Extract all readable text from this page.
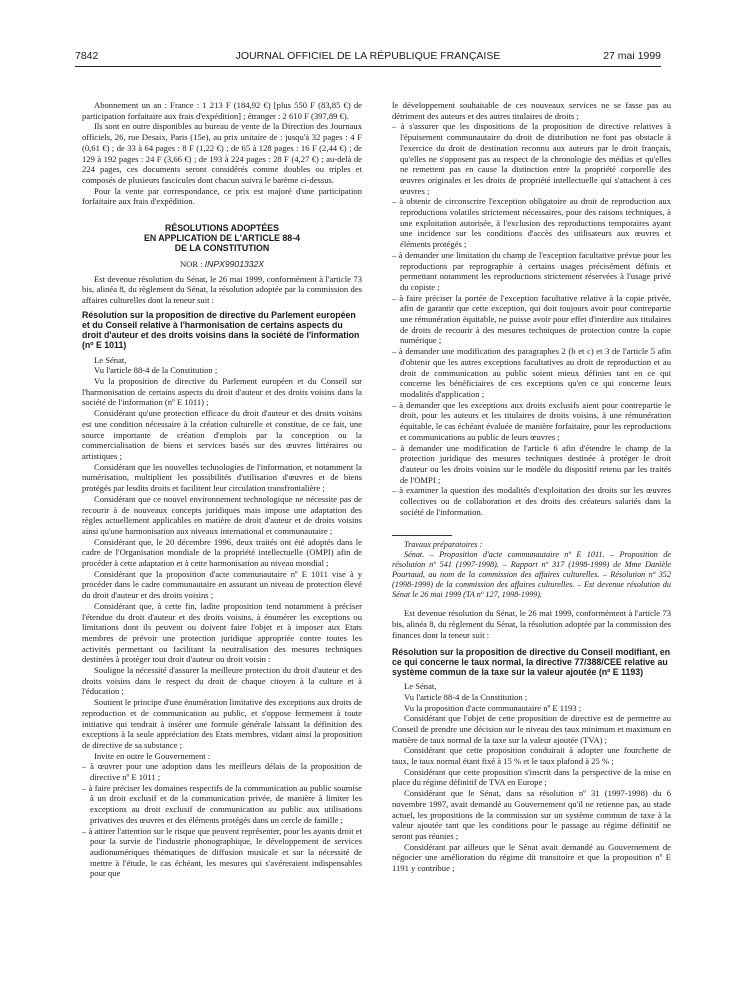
7842	JOURNAL OFFICIEL DE LA RÉPUBLIQUE FRANÇAISE	27 mai 1999

Abonnement un an : France : 1 213 F (184,92 €) [plus 550 F (83,85 €) de participation forfaitaire aux frais d'expédition] ; étranger : 2 610 F (397,89 €).

Ils sont en outre disponibles au bureau de vente de la Direction des Journaux officiels, 26, rue Desaix, Paris (15e), au prix unitaire de : jusqu'à 32 pages : 4 F (0,61 €) ; de 33 à 64 pages : 8 F (1,22 €) ; de 65 à 128 pages : 16 F (2,44 €) ; de 129 à 192 pages : 24 F (3,66 €) ; de 193 à 224 pages : 28 F (4,27 €) ; au-delà de 224 pages, ces documents seront considérés comme doubles ou triples et composés de plusieurs fascicules dont chacun suivra le barème ci-dessus.

Pour la vente par correspondance, ce prix est majoré d'une participation forfaitaire aux frais d'expédition.

RÉSOLUTIONS ADOPTÉES
EN APPLICATION DE L'ARTICLE 88-4
DE LA CONSTITUTION
NOR : INPX9901332X

Est devenue résolution du Sénat, le 26 mai 1999, conformément à l'article 73 bis, alinéa 8, du règlement du Sénat, la résolution adoptée par la commission des affaires culturelles dont la teneur suit :

Résolution sur la proposition de directive du Parlement européen et du Conseil relative à l'harmonisation de certains aspects du droit d'auteur et des droits voisins dans la société de l'information (nº E 1011)

Le Sénat,

Vu l'article 88-4 de la Constitution ;

Vu la proposition de directive du Parlement européen et du Conseil sur l'harmonisation de certains aspects du droit d'auteur et des droits voisins dans la société de l'information (nº E 1011) ;

Considérant qu'une protection efficace du droit d'auteur et des droits voisins est une condition nécessaire à la création culturelle et constitue, de ce fait, une source importante de création d'emplois par la conception ou la commercialisation de biens et services basés sur des œuvres littéraires ou artistiques ;

Considérant que les nouvelles technologies de l'information, et notamment la numérisation, multiplient les possibilités d'utilisation d'œuvres et de biens protégés par lesdits droits et facilitent leur circulation transfrontalière ;

Considérant que ce nouvel environnement technologique ne nécessite pas de recourir à de nouveaux concepts juridiques mais impose une adaptation des règles actuellement applicables en matière de droit d'auteur et de droits voisins ainsi qu'une harmonisation aux niveaux international et communautaire ;

Considérant que, le 20 décembre 1996, deux traités ont été adoptés dans le cadre de l'Organisation mondiale de la propriété intellectuelle (OMPI) afin de procéder à cette adaptation et à cette harmonisation au niveau mondial ;

Considérant que la proposition d'acte communautaire nº E 1011 vise à y procéder dans le cadre communautaire en assurant un niveau de protection élevé du droit d'auteur et des droits voisins ;

Considérant que, à cette fin, ladite proposition tend notamment à préciser l'étendue du droit d'auteur et des droits voisins, à énumérer les exceptions ou limitations dont ils peuvent ou doivent faire l'objet et à imposer aux Etats membres de prévoir une protection juridique appropriée contre toutes les activités permettant ou facilitant la neutralisation des mesures techniques destinées à protéger tout droit d'auteur ou droit voisin :

Souligne la nécessité d'assurer la meilleure protection du droit d'auteur et des droits voisins dans le respect du droit de chaque citoyen à la culture et à l'éducation ;

Soutient le principe d'une énumération limitative des exceptions aux droits de reproduction et de communication au public, et s'oppose fermement à toute initiative qui tendrait à insérer une formule générale laissant la définition des exceptions à la seule appréciation des Etats membres, vidant ainsi la proposition de directive de sa substance ;

Invite en outre le Gouvernement :

– à œuvrer pour une adoption dans les meilleurs délais de la proposition de directive nº E 1011 ;

– à faire préciser les domaines respectifs de la communication au public soumise à un droit exclusif et de la communication privée, de manière à limiter les exceptions au droit exclusif de communication au public aux utilisations privatives des œuvres et des éléments protégés dans un cercle de famille ;

– à attirer l'attention sur le risque que peuvent représenter, pour les ayants droit et pour la survie de l'industrie phonographique, le développement de services audionumériques thématiques de diffusion musicale et sur la nécessité de mettre à l'étude, le cas échéant, les mesures qui s'avéreraient indispensables pour que

le développement souhaitable de ces nouveaux services ne se fasse pas au détriment des auteurs et des autres titulaires de droits ;

– à s'assurer que les dispositions de la proposition de directive relatives à l'épuisement communautaire du droit de distribution ne font pas obstacle à l'exercice du droit de destination reconnu aux auteurs par le droit français, qu'elles ne s'opposent pas au respect de la chronologie des médias et qu'elles ne remettent pas en cause la distinction entre la propriété corporelle des œuvres originales et les droits de propriété intellectuelle qui s'attachent à ces œuvres ;

– à obtenir de circonscrire l'exception obligatoire au droit de reproduction aux reproductions volatiles strictement nécessaires, pour des raisons techniques, à une exploitation autorisée, à l'exclusion des reproductions temporaires ayant une incidence sur les conditions d'accès des utilisateurs aux œuvres et éléments protégés ;

– à demander une limitation du champ de l'exception facultative prévue pour les reproductions par reprographie à certains usages précisément définis et permettant notamment les reproductions strictement réservées à l'usage privé du copiste ;

– à faire préciser la portée de l'exception facultative relative à la copie privée, afin de garantir que cette exception, qui doit toujours avoir pour contrepartie une rémunération équitable, ne puisse avoir pour effet d'interdire aux titulaires de droits de recourir à des mesures techniques de protection contre la copie numérique ;

– à demander une modification des paragraphes 2 (b et c) et 3 de l'article 5 afin d'obtenir que les autres exceptions facultatives au droit de reproduction et au droit de communication au public soient mieux définies tant en ce qui concerne les bénéficiaires de ces exceptions qu'en ce qui concerne leurs modalités d'application ;

– à demander que les exceptions aux droits exclusifs aient pour contrepartie le droit, pour les auteurs et les titulaires de droits voisins, à une rémunération équitable, le cas échéant évaluée de manière forfaitaire, pour les reproductions et communications au public de leurs œuvres ;

– à demander une modification de l'article 6 afin d'étendre le champ de la protection juridique des mesures techniques destinée à protéger le droit d'auteur ou les droits voisins sur le modèle du dispositif retenu par les traités de l'OMPI ;

– à examiner la question des modalités d'exploitation des droits sur les œuvres collectives ou de collaboration et des droits des créateurs salariés dans la société de l'information.

Travaux préparatoires :

Sénat. – Proposition d'acte communautaire nº E 1011. – Proposition de résolution nº 541 (1997-1998). – Rapport nº 317 (1998-1999) de Mme Danièle Pourtaud, au nom de la commission des affaires culturelles. – Résolution nº 352 (1998-1999) de la commission des affaires culturelles. – Est devenue résolution du Sénat le 26 mai 1999 (TA nº 127, 1998-1999).

Est devenue résolution du Sénat, le 26 mai 1999, conformément à l'article 73 bis, alinéa 8, du règlement du Sénat, la résolution adoptée par la commission des finances dont la teneur suit :

Résolution sur la proposition de directive du Conseil modifiant, en ce qui concerne le taux normal, la directive 77/388/CEE relative au système commun de la taxe sur la valeur ajoutée (nº E 1193)

Le Sénat,

Vu l'article 88-4 de la Constitution ;

Vu la proposition d'acte communautaire nº E 1193 ;

Considérant que l'objet de cette proposition de directive est de permettre au Conseil de prendre une décision sur le niveau des taux minimum et maximum en matière de taux normal de la taxe sur la valeur ajoutée (TVA) ;

Considérant que cette proposition conduirait à adopter une fourchette de taux, le taux normal étant fixé à 15 % et le taux plafond à 25 % ;

Considérant que cette proposition s'inscrit dans la perspective de la mise en place du régime définitif de TVA en Europe ;

Considérant que le Sénat, dans sa résolution nº 31 (1997-1998) du 6 novembre 1997, avait demandé au Gouvernement qu'il ne retienne pas, au stade actuel, les propositions de la commission sur un système commun de taxe à la valeur ajoutée tant que les conditions pour le passage au régime définitif ne seront pas réunies ;

Considérant par ailleurs que le Sénat avait demandé au Gouvernement de négocier une amélioration du régime dit transitoire et que la proposition nº E 1191 y contribue ;
